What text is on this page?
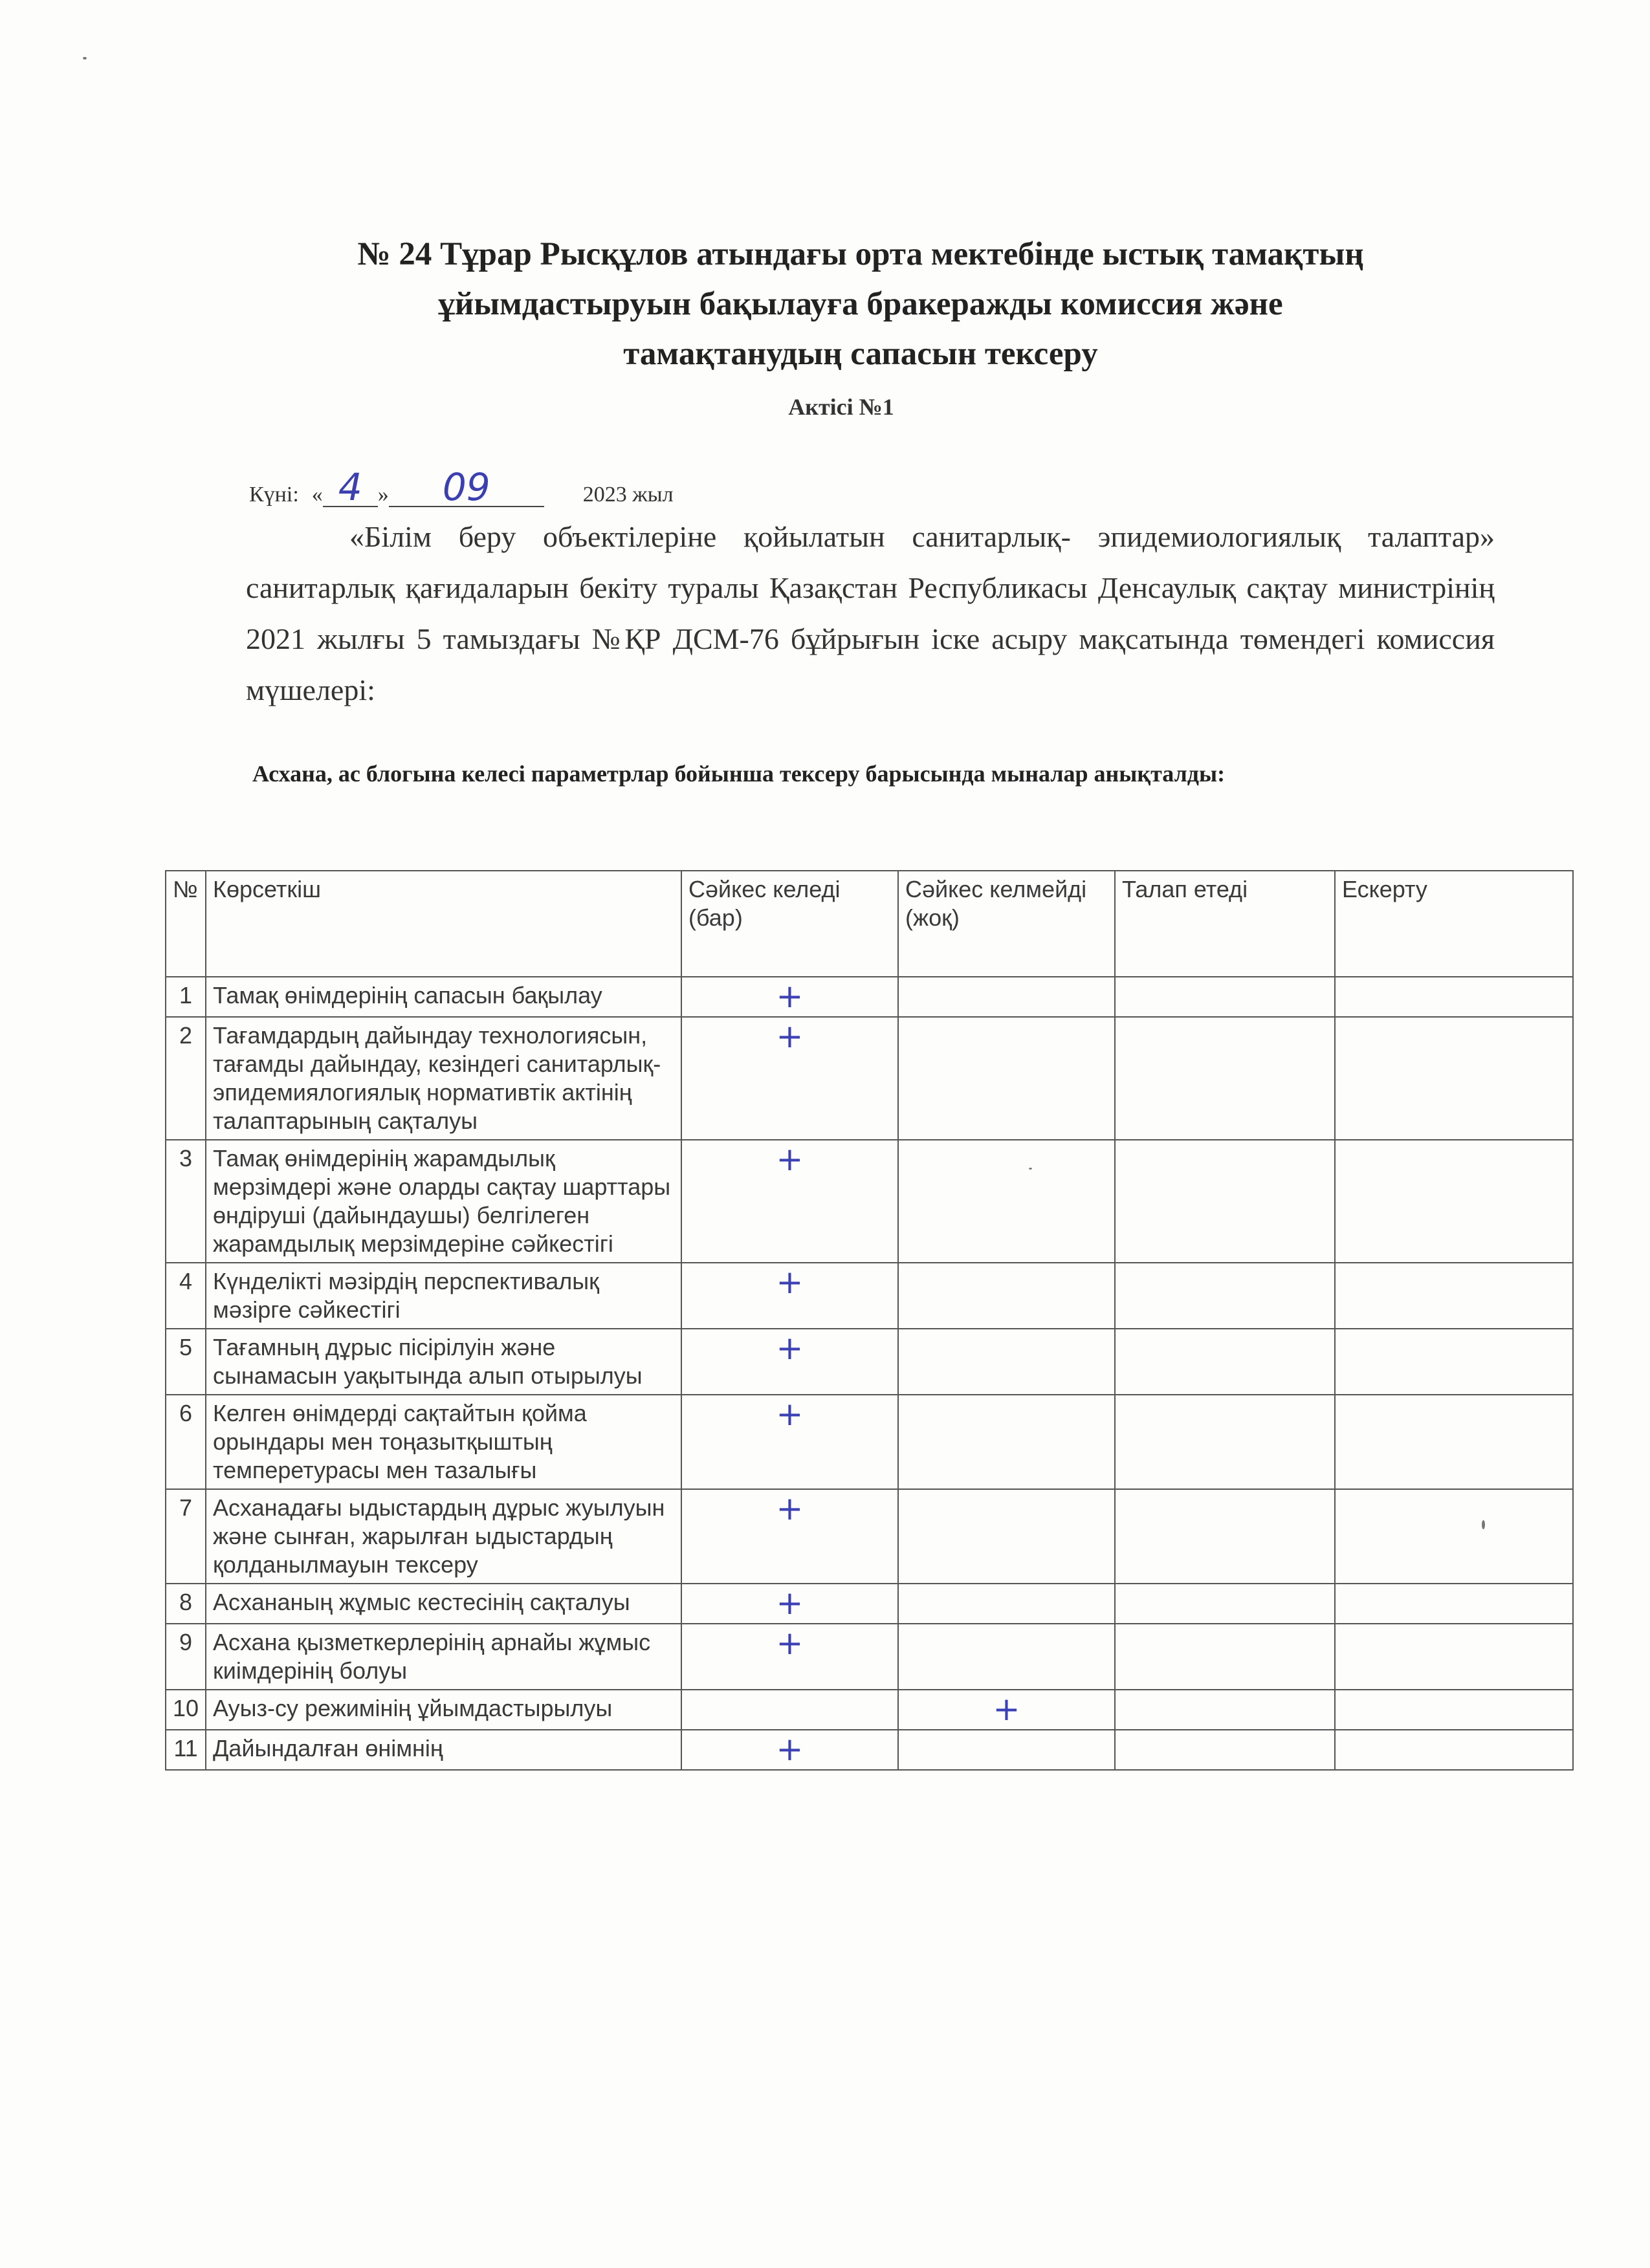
№ 24 Тұрар Рысқұлов атындағы орта мектебінде ыстық тамақтың
ұйымдастыруын бақылауға бракеражды комиссия және
тамақтанудың сапасын тексеру
Актісі №1
Күні: « 4 »	09	2023 жыл
«Білім беру объектілеріне қойылатын санитарлық- эпидемиологиялық талаптар» санитарлық қағидаларын бекіту туралы Қазақстан Республикасы Денсаулық сақтау министрінің 2021 жылғы 5 тамыздағы №ҚР ДСМ-76 бұйрығын іске асыру мақсатында төмендегі комиссия мүшелері:
Асхана, ас блогына келесі параметрлар бойынша тексеру барысында мыналар анықталды:
№	Көрсеткіш	Сәйкес келеді (бар)	Сәйкес келмейді (жоқ)	Талап етеді	Ескерту
1	Тамақ өнімдерінің сапасын бақылау	+			
2	Тағамдардың дайындау технологиясын, тағамды дайындау, кезіндегі санитарлық-эпидемиялогиялық нормативтік актінің талаптарының сақталуы	+			
3	Тамақ өнімдерінің жарамдылық мерзімдері және оларды сақтау шарттары өндіруші (дайындаушы) белгілеген жарамдылық мерзімдеріне сәйкестігі	+			
4	Күнделікті мәзірдің перспективалық мәзірге сәйкестігі	+			
5	Тағамның дұрыс пісірілуін және сынамасын уақытында алып отырылуы	+			
6	Келген өнімдерді сақтайтын қойма орындары мен тоңазытқыштың темперетурасы мен тазалығы	+			
7	Асханадағы ыдыстардың дұрыс жуылуын және сынған, жарылған ыдыстардың қолданылмауын тексеру	+			
8	Асхананың жұмыс кестесінің сақталуы	+			
9	Асхана қызметкерлерінің арнайы жұмыс киімдерінің болуы	+			
10	Ауыз-су режимінің ұйымдастырылуы		+		
11	Дайындалған өнімнің	+			
